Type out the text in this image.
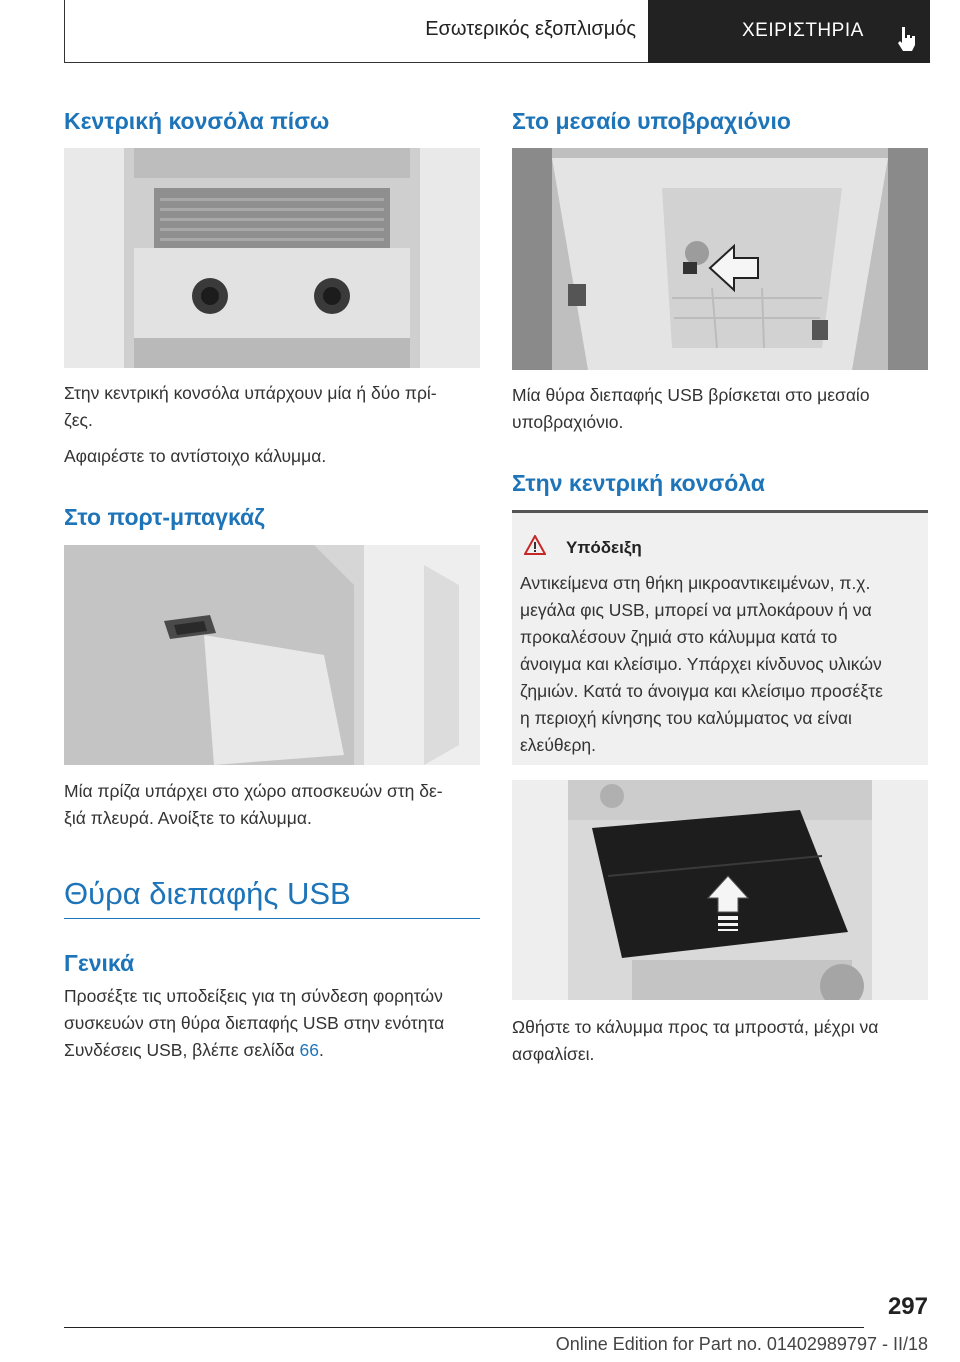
Εσωτερικός εξοπλισμός	ΧΕΙΡΙΣΤΗΡΙΑ
Κεντρική κονσόλα πίσω

Στην κεντρική κονσόλα υπάρχουν μία ή δύο πρί-

ζες.

Αφαιρέστε το αντίστοιχο κάλυμμα.

Στο πορτ-μπαγκάζ

Μία πρίζα υπάρχει στο χώρο αποσκευών στη δε-

ξιά πλευρά. Ανοίξτε το κάλυμμα.

Θύρα διεπαφής USB
Γενικά

Προσέξτε τις υποδείξεις για τη σύνδεση φορητών

συσκευών στη θύρα διεπαφής USB στην ενότητα

Συνδέσεις USB, βλέπε σελίδα 66.

Στο μεσαίο υποβραχιόνιο

Μία θύρα διεπαφής USB βρίσκεται στο μεσαίο

υποβραχιόνιο.

Στην κεντρική κονσόλα
Υπόδειξη

Αντικείμενα στη θήκη μικροαντικειμένων, π.χ.

μεγάλα φις USB, μπορεί να μπλοκάρουν ή να

προκαλέσουν ζημιά στο κάλυμμα κατά το

άνοιγμα και κλείσιμο. Υπάρχει κίνδυνος υλικών

ζημιών. Κατά το άνοιγμα και κλείσιμο προσέξτε

η περιοχή κίνησης του καλύμματος να είναι

ελεύθερη.

Ωθήστε το κάλυμμα προς τα μπροστά, μέχρι να

ασφαλίσει.

297
Online Edition for Part no. 01402989797 - II/18
